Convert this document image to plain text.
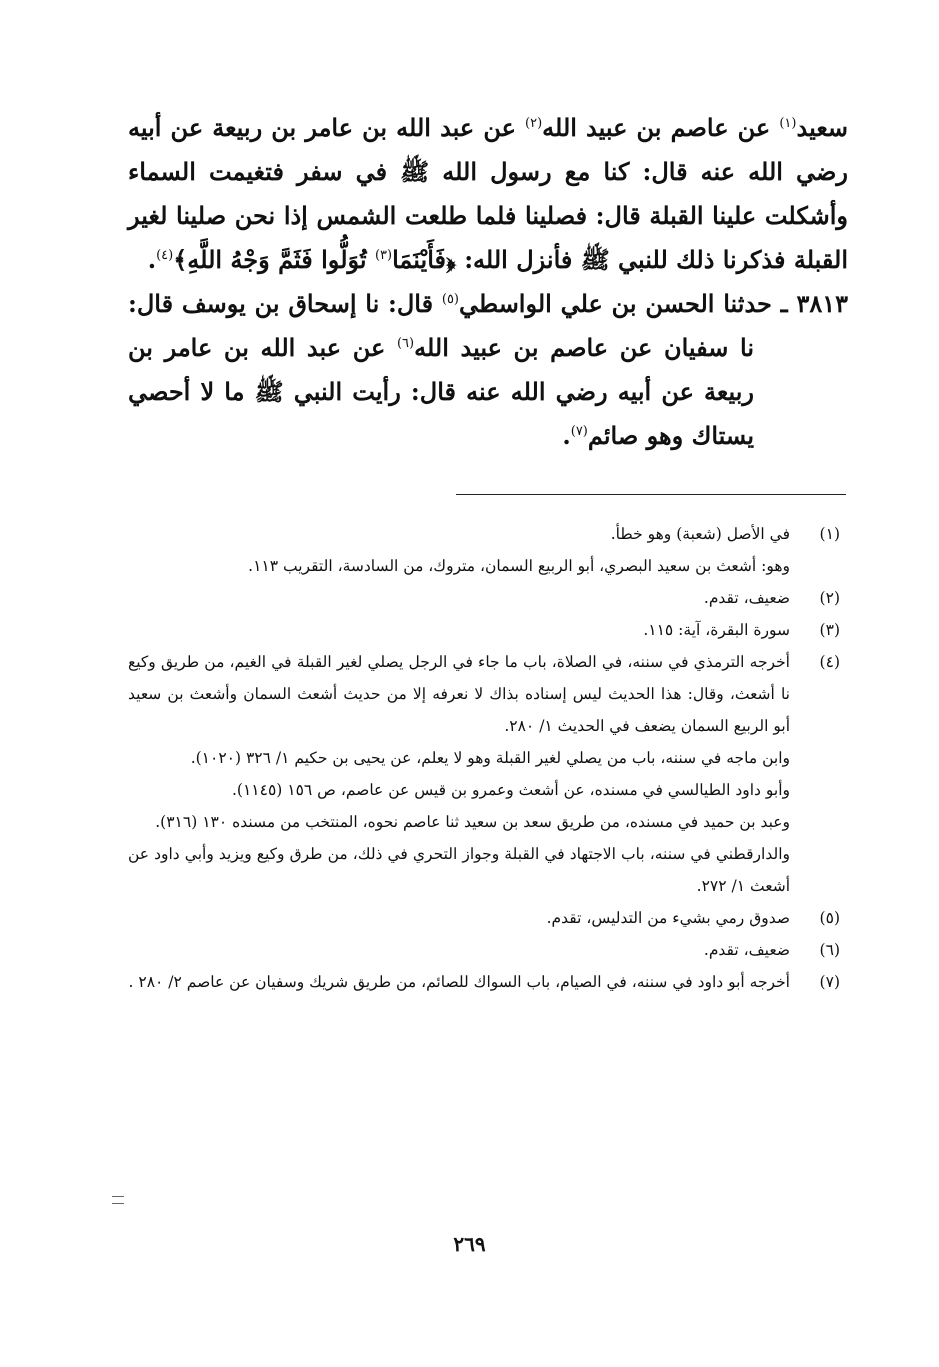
سعيد$^{(١)}$ عن عاصم بن عبيد الله$^{(٢)}$ عن عبد الله بن عامر بن ربيعة عن أبيه رضي الله عنه قال: كنا مع رسول الله ﷺ في سفر فتغيمت السماء وأشكلت علينا القبلة قال: فصلينا فلما طلعت الشمس إذا نحن صلينا لغير القبلة فذكرنا ذلك للنبي ﷺ فأنزل الله: ﴿فَأَيْنَمَا$^{(٣)}$ تُوَلُّوا فَثَمَّ وَجْهُ اللَّهِ﴾$^{(٤)}$.

٣٨١٣ ـ حدثنا الحسن بن علي الواسطي$^{(٥)}$ قال: نا إسحاق بن يوسف قال: نا سفيان عن عاصم بن عبيد الله$^{(٦)}$ عن عبد الله بن عامر بن ربيعة عن أبيه رضي الله عنه قال: رأيت النبي ﷺ ما لا أحصي يستاك وهو صائم$^{(٧)}$.

(١)
في الأصل (شعبة) وهو خطأ.

وهو: أشعث بن سعيد البصري، أبو الربيع السمان، متروك، من السادسة، التقريب ١١٣.

(٢)
ضعيف، تقدم.

(٣)
سورة البقرة، آية: ١١٥.

(٤)
أخرجه الترمذي في سننه، في الصلاة، باب ما جاء في الرجل يصلي لغير القبلة في الغيم، من طريق وكيع نا أشعث، وقال: هذا الحديث ليس إسناده بذاك لا نعرفه إلا من حديث أشعث السمان وأشعث بن سعيد أبو الربيع السمان يضعف في الحديث ١/ ٢٨٠.

وابن ماجه في سننه، باب من يصلي لغير القبلة وهو لا يعلم، عن يحيى بن حكيم ١/ ٣٢٦ (١٠٢٠).

وأبو داود الطيالسي في مسنده، عن أشعث وعمرو بن قيس عن عاصم، ص ١٥٦ (١١٤٥).

وعبد بن حميد في مسنده، من طريق سعد بن سعيد ثنا عاصم نحوه، المنتخب من مسنده ١٣٠ (٣١٦).

والدارقطني في سننه، باب الاجتهاد في القبلة وجواز التحري في ذلك، من طرق وكيع ويزيد وأبي داود عن أشعث ١/ ٢٧٢.

(٥)
صدوق رمي بشيء من التدليس، تقدم.

(٦)
ضعيف، تقدم.

(٧)
أخرجه أبو داود في سننه، في الصيام، باب السواك للصائم، من طريق شريك وسفيان عن عاصم ٢/ ٢٨٠ .

٢٦٩
